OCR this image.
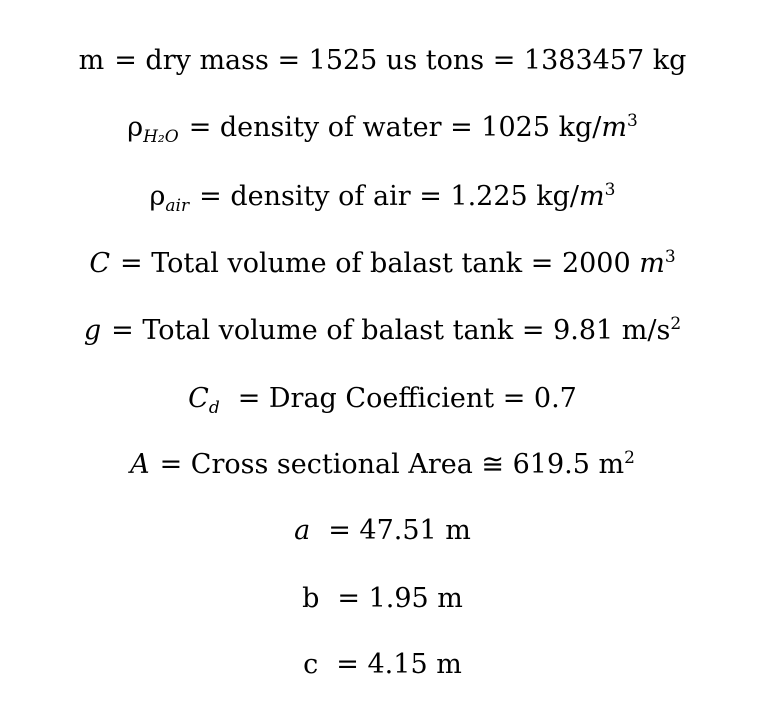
m = dry mass = 1525 us tons = 1383457 kg
$\rho_{H_2O}$ = density of water = 1025 $kg/m^3$
$\rho_{air}$ = density of air = 1.225 $kg/m^3$
C = Total volume of balast tank = 2000 $m^3$
g = Total volume of balast tank = 9.81 $m/s^2$
$C_d$ = Drag Coefficient = 0.7
A = Cross sectional Area ≅ 619.5 $m^2$
a = 47.51 m
b = 1.95 m
c = 4.15 m
